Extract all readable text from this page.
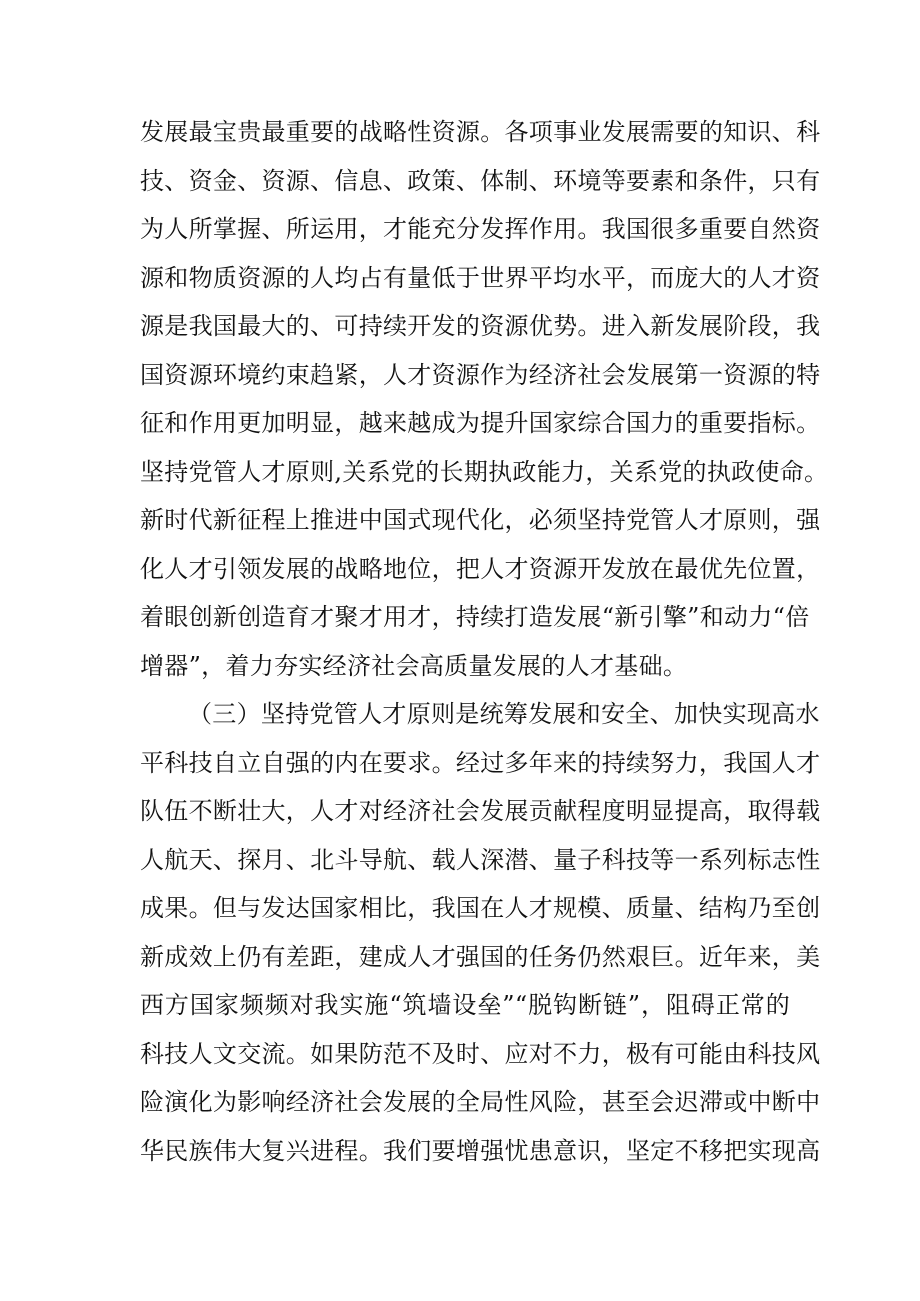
发展最宝贵最重要的战略性资源。各项事业发展需要的知识、科
技、资金、资源、信息、政策、体制、环境等要素和条件，只有
为人所掌握、所运用，才能充分发挥作用。我国很多重要自然资
源和物质资源的人均占有量低于世界平均水平，而庞大的人才资
源是我国最大的、可持续开发的资源优势。进入新发展阶段，我
国资源环境约束趋紧，人才资源作为经济社会发展第一资源的特
征和作用更加明显，越来越成为提升国家综合国力的重要指标。
坚持党管人才原则,关系党的长期执政能力，关系党的执政使命。
新时代新征程上推进中国式现代化，必须坚持党管人才原则，强
化人才引领发展的战略地位，把人才资源开发放在最优先位置，
着眼创新创造育才聚才用才，持续打造发展“新引擎”和动力“倍
增器”，着力夯实经济社会高质量发展的人才基础。
（三）坚持党管人才原则是统筹发展和安全、加快实现高水
平科技自立自强的内在要求。经过多年来的持续努力，我国人才
队伍不断壮大，人才对经济社会发展贡献程度明显提高，取得载
人航天、探月、北斗导航、载人深潜、量子科技等一系列标志性
成果。但与发达国家相比，我国在人才规模、质量、结构乃至创
新成效上仍有差距，建成人才强国的任务仍然艰巨。近年来，美
西方国家频频对我实施“筑墙设垒”“脱钩断链”，阻碍正常的
科技人文交流。如果防范不及时、应对不力，极有可能由科技风
险演化为影响经济社会发展的全局性风险，甚至会迟滞或中断中
华民族伟大复兴进程。我们要增强忧患意识，坚定不移把实现高
